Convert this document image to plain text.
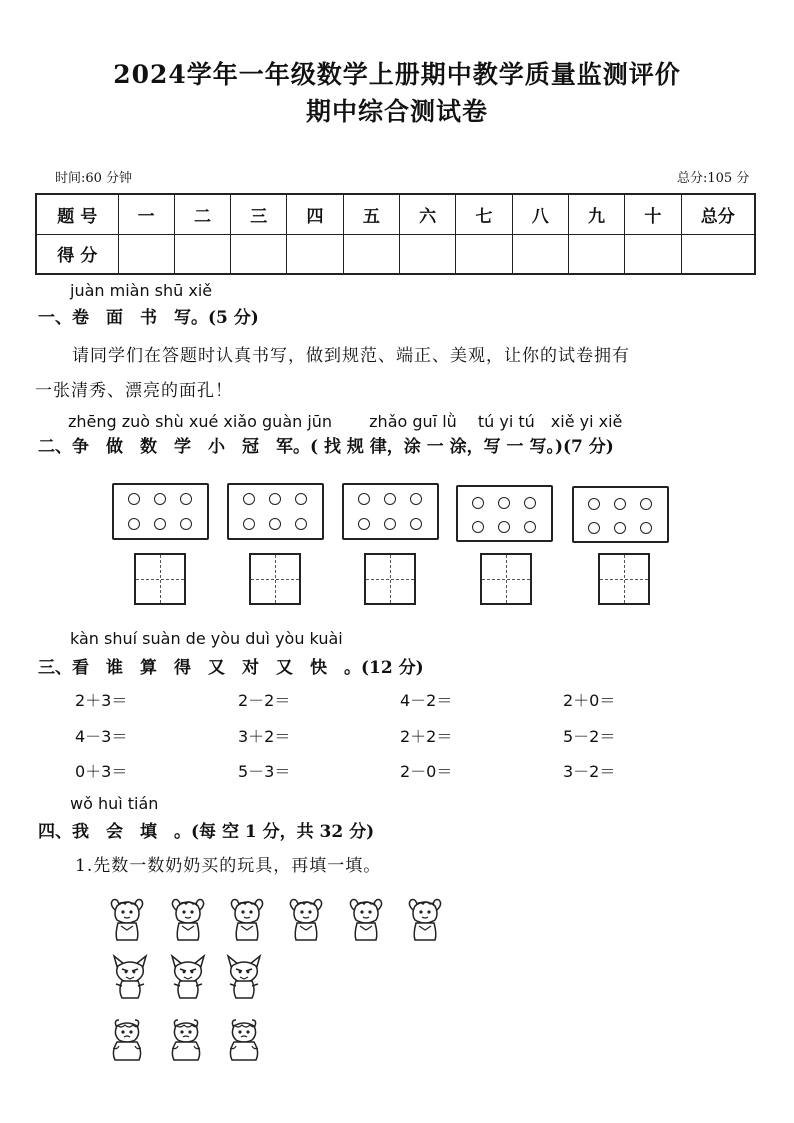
2024学年一年级数学上册期中教学质量监测评价
期中综合测试卷
时间:60 分钟	总分:105 分
题 号	一	二	三	四	五	六	七	八	九	十	总分
得 分											
juàn miàn shū xiě
一、卷　面　书　写。(5 分)
请同学们在答题时认真书写，做到规范、端正、美观，让你的试卷拥有
一张清秀、漂亮的面孔！
zhēng zuò shù xué xiǎo guàn jūn　　 zhǎo guī lǜ　 tú yi tú　xiě yi xiě
二、争　做　数　学　小　冠　军。( 找 规 律，涂 一 涂，写 一 写。)(7 分)
kàn shuí suàn de yòu duì yòu kuài
三、看　谁　算　得　又　对　又　快　。(12 分)
2＋3＝	2－2＝	4－2＝	2＋0＝
4－3＝	3＋2＝	2＋2＝	5－2＝
0＋3＝	5－3＝	2－0＝	3－2＝
wǒ huì tián
四、我　会　填　。(每 空 1 分，共 32 分)
1.先数一数奶奶买的玩具，再填一填。
